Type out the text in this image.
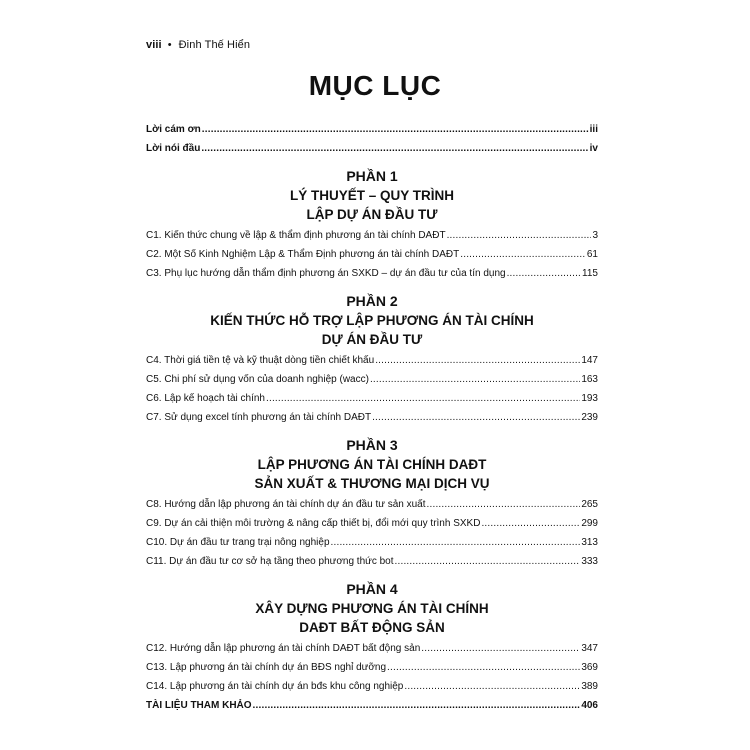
viii • Đinh Thế Hiển
MỤC LỤC
Lời cám ơn .....	iii
Lời nói đầu .....	iv
PHẦN 1
LÝ THUYẾT – QUY TRÌNH
LẬP DỰ ÁN ĐẦU TƯ
C1. Kiến thức chung về lập & thẩm định phương án tài chính DAĐT .....	3
C2. Một Số Kinh Nghiệm Lập & Thẩm Định phương án tài chính DAĐT .....	61
C3. Phụ lục hướng dẫn thẩm định phương án SXKD – dự án đầu tư của tín dụng .....	115
PHẦN 2
KIẾN THỨC HỖ TRỢ LẬP PHƯƠNG ÁN TÀI CHÍNH
DỰ ÁN ĐẦU TƯ
C4. Thời giá tiền tệ và kỹ thuật dòng tiền chiết khấu .....	147
C5. Chi phí sử dụng vốn của doanh nghiệp (wacc) .....	163
C6. Lập kế hoạch tài chính .....	193
C7. Sử dụng excel tính phương án tài chính DAĐT .....	239
PHẦN 3
LẬP PHƯƠNG ÁN TÀI CHÍNH DAĐT
SẢN XUẤT & THƯƠNG MẠI DỊCH VỤ
C8. Hướng dẫn lập phương án tài chính dự án đầu tư sản xuất .....	265
C9. Dự án cải thiện môi trường & nâng cấp thiết bị, đổi mới quy trình SXKD .....	299
C10. Dự án đầu tư trang trại nông nghiệp .....	313
C11. Dự án đầu tư cơ sở hạ tầng theo phương thức bot .....	333
PHẦN 4
XÂY DỰNG PHƯƠNG ÁN TÀI CHÍNH
DAĐT BẤT ĐỘNG SẢN
C12. Hướng dẫn lập phương án tài chính DAĐT bất động sản .....	347
C13. Lập phương án tài chính dự án BĐS nghỉ dưỡng .....	369
C14. Lập phương án tài chính dự án bđs khu công nghiệp .....	389
TÀI LIỆU THAM KHẢO .....	406
